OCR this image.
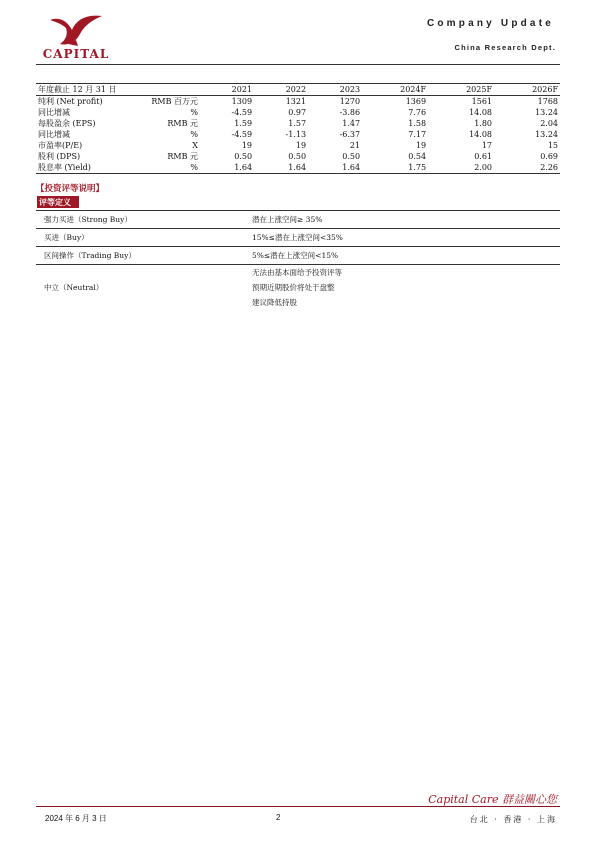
CAPITAL
Company Update
China Research Dept.
年度截止 12 月 31 日		2021	2022	2023	2024F	2025F	2026F
纯利 (Net profit)	RMB 百万元	1309	1321	1270	1369	1561	1768
同比增减	%	-4.59	0.97	-3.86	7.76	14.08	13.24
每股盈余 (EPS)	RMB 元	1.59	1.57	1.47	1.58	1.80	2.04
同比增减	%	-4.59	-1.13	-6.37	7.17	14.08	13.24
市盈率(P/E)	X	19	19	21	19	17	15
股利 (DPS)	RMB 元	0.50	0.50	0.50	0.54	0.61	0.69
股息率 (Yield)	%	1.64	1.64	1.64	1.75	2.00	2.26
【投资评等说明】
评等定义
强力买进（Strong Buy）	潜在上涨空间≥ 35%
买进（Buy）	15%≤潜在上涨空间<35%
区间操作（Trading Buy）	5%≤潜在上涨空间<15%
中立（Neutral）	无法由基本面给予投资评等
预期近期股价将处于盘整
建议降低持股
2024 年 6 月 3 日	2
Capital Care 群益關心您
台北 · 香港 · 上海
